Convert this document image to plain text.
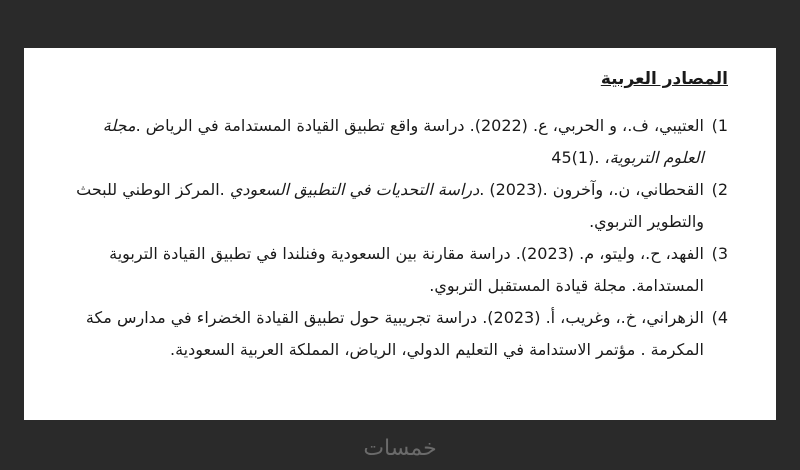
المصادر العربية
1)
العتيبي، ف.، و الحربي، ع. (2022). دراسة واقع تطبيق القيادة المستدامة في الرياض .مجلة العلوم التربوية، .(1)45
2)
القحطاني، ن.، وآخرون .(2023) .دراسة التحديات في التطبيق السعودي .المركز الوطني للبحث والتطوير التربوي.
3)
الفهد، ح.، وليتو، م. (2023). دراسة مقارنة بين السعودية وفنلندا في تطبيق القيادة التربوية المستدامة. مجلة قيادة المستقبل التربوي.
4)
الزهراني، خ.، وغريب، أ. (2023). دراسة تجريبية حول تطبيق القيادة الخضراء في مدارس مكة المكرمة . مؤتمر الاستدامة في التعليم الدولي، الرياض، المملكة العربية السعودية.
خمسات
